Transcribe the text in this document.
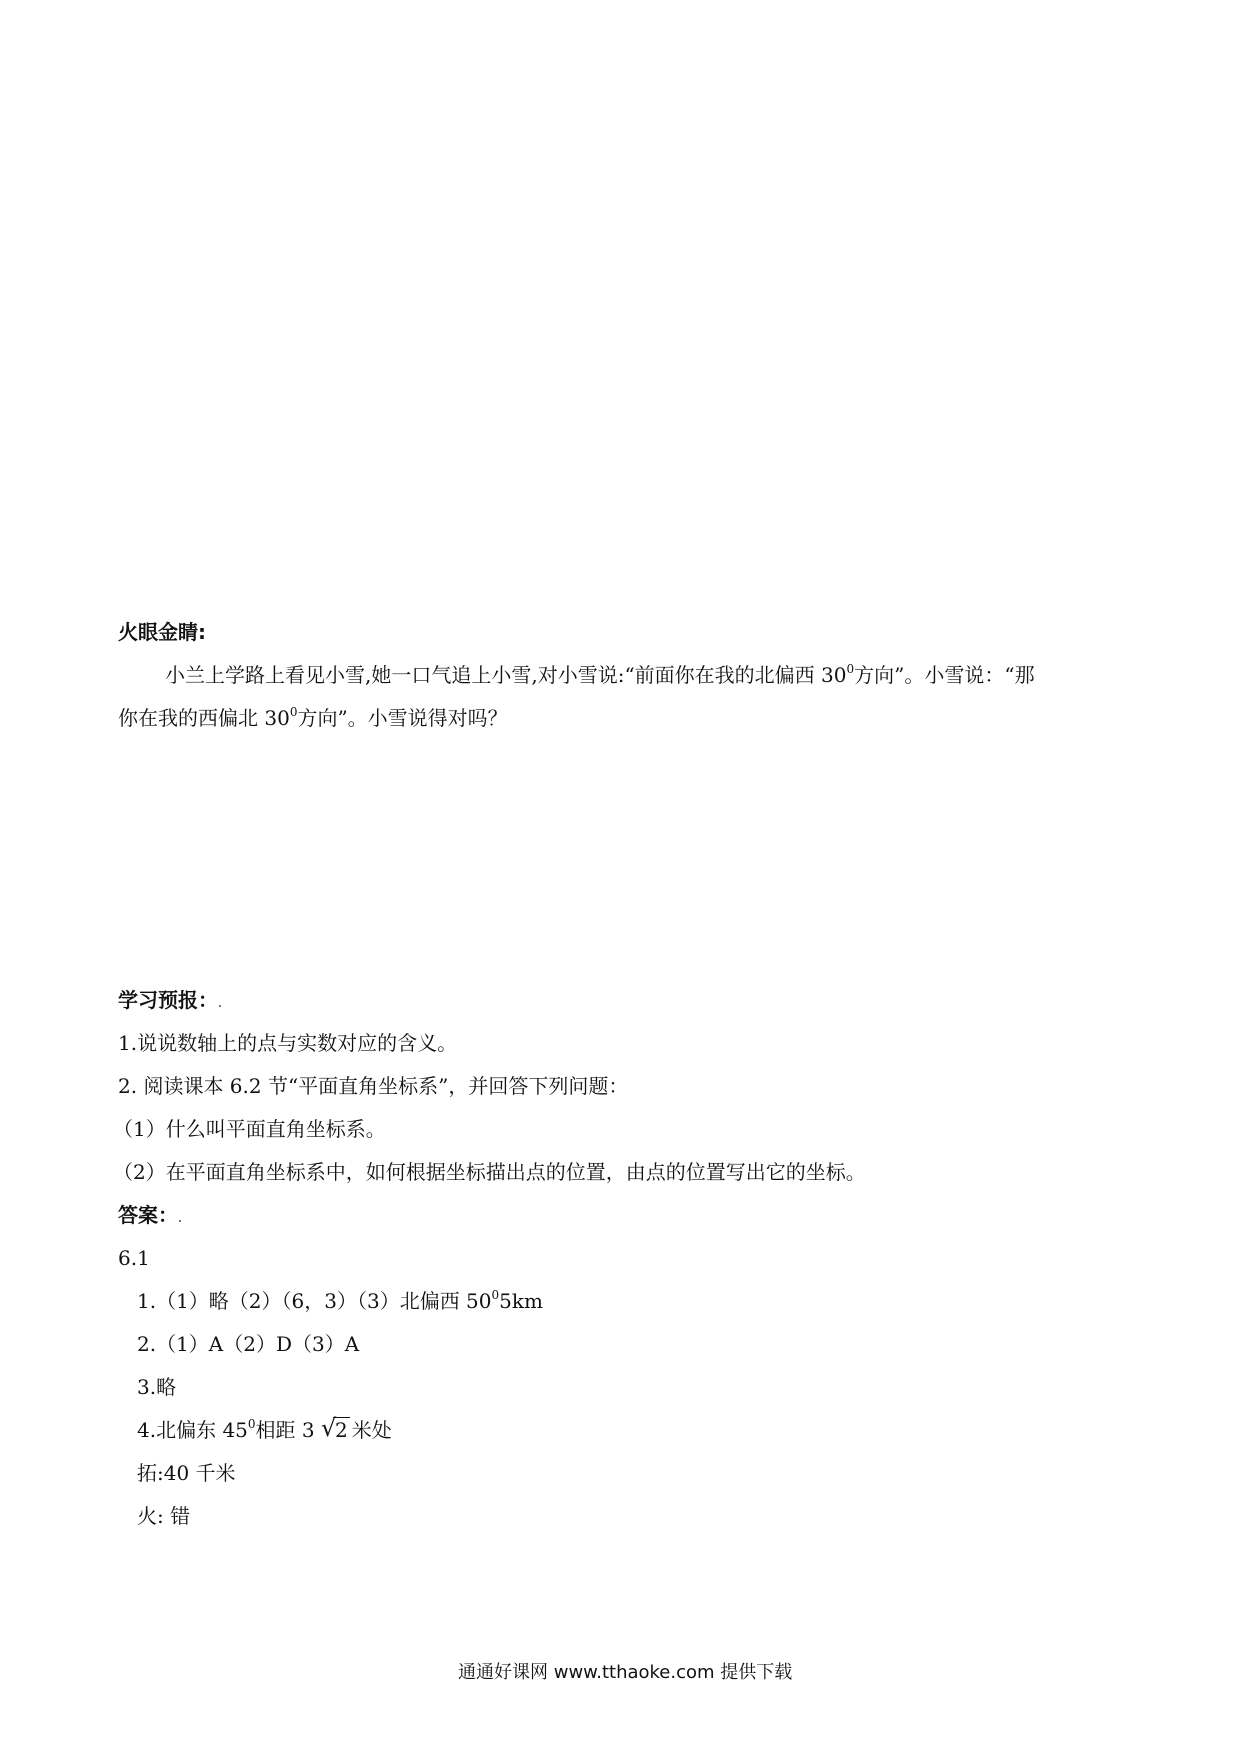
火眼金睛:
小兰上学路上看见小雪,她一口气追上小雪,对小雪说:“前面你在我的北偏西 $30^0$方向”。小雪说：“那
你在我的西偏北 $30^0$方向”。小雪说得对吗？
学习预报：.
1.说说数轴上的点与实数对应的含义。
2. 阅读课本 6.2 节“平面直角坐标系”，并回答下列问题：
（1）什么叫平面直角坐标系。
（2）在平面直角坐标系中，如何根据坐标描出点的位置，由点的位置写出它的坐标。
答案：.
6.1
1.（1）略（2）（6，3）（3）北偏西 $50^05km$
2.（1）A（2）D（3）A
3.略
4.北偏东 $45^0$相距 3 √
2 米处
拓:40 千米
火: 错
通通好课网 www.tthaoke.com 提供下载
